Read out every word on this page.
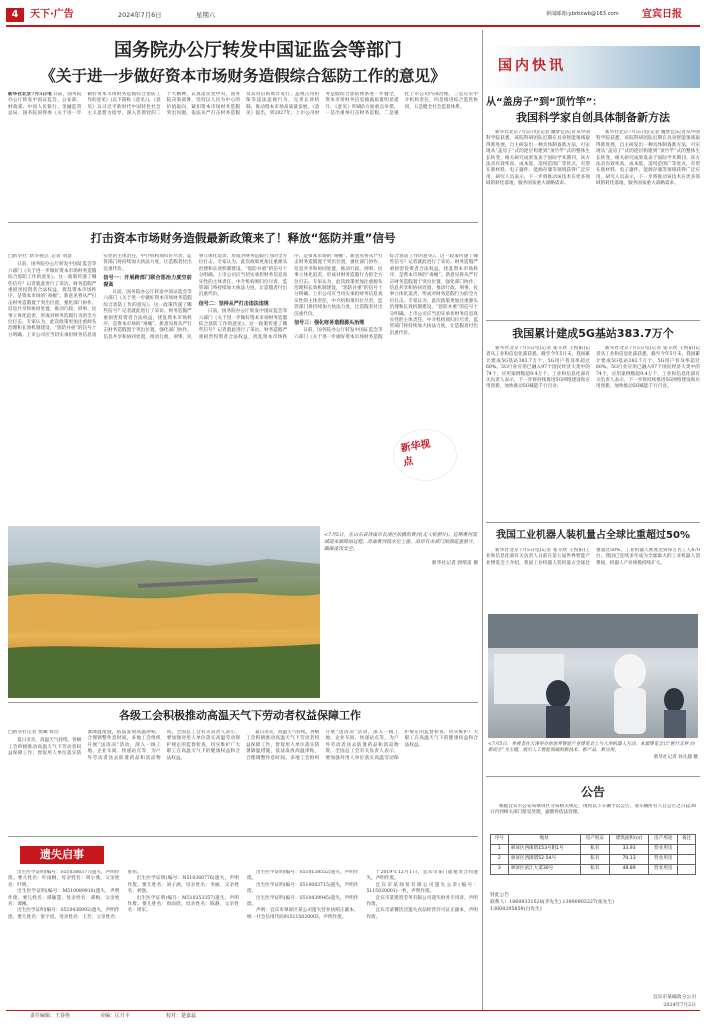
4	天下·广告	2024年7月6日	星期六	新闻邮箱:ybrbxwb@163.com 宜宾日报
国务院办公厅转发中国证监会等部门
《关于进一步做好资本市场财务造假综合惩防工作的意见》
新华社北京7月5日电 日前，国务院办公厅转发中国证监会、公安部、财政部、中国人民银行、金融监管总局、国务院国资委《关于进一步做好资本市场财务造假综合惩防工作的意见》(以下简称《意见》)。《意见》以习近平新时代中国特色社会主义思想为指导，深入贯彻党的二十大精神，认真落实党中央、国务院决策部署，坚持以人民为中心的价值取向，紧扣资本市场财务造假突出问题，依法从严打击财务造假及其背后的欺诈发行、违规占用担保等违法违规行为，完善长效机制，推动资本市场高质量发展。《意见》提出，到2027年，上市公司财务造假综合惩防体系进一步健全，资本市场财务信息披露质量明显提升。《意见》明确5方面重点举措。一是出重拳打击财务造假，二是强化上市公司内部治理，三是压实中介机构责任，四是推进综合监管协同，五是健全社会监督体系。
打击资本市场财务造假最新政策来了！释放“惩防并重”信号
□新华社“新华视点”记者 刘慧
日前，国务院办公厅转发中国证监会等六部门《关于进一步做好资本市场财务造假综合惩防工作的意见》。这一政策传递了哪些信号？记者就此进行了采访。财务造假严重损害投资者合法权益，扰乱资本市场秩序，是资本市场的“毒瘤”。新意见将从严打击财务造假置于突出位置，强化部门协作、信息共享和协同处置，推动行政、刑事、民事立体化追责，形成对财务造假行为的全方位打击。专家认为，此次政策更加注重源头治理和长效机制建设，“惩防并重”的信号十分明确。上市公司应当切实承担财务信息真实性的主体责任，中介机构须归位尽责，监管部门将持续加大执法力度，让造假者付出沉重代价。
信号一：开展跨部门联合惩治力度空前提高
日前，国务院办公厅转发中国证监会等六部门《关于进一步做好资本市场财务造假综合惩防工作的意见》。这一政策传递了哪些信号？记者就此进行了采访。财务造假严重损害投资者合法权益，扰乱资本市场秩序，是资本市场的“毒瘤”。新意见将从严打击财务造假置于突出位置，强化部门协作、信息共享和协同处置，推动行政、刑事、民事立体化追责，形成对财务造假行为的全方位打击。专家认为，此次政策更加注重源头治理和长效机制建设，“惩防并重”的信号十分明确。上市公司应当切实承担财务信息真实性的主体责任，中介机构须归位尽责，监管部门将持续加大执法力度，让造假者付出沉重代价。
信号二：坚持从严打击违法违规
日前，国务院办公厅转发中国证监会等六部门《关于进一步做好资本市场财务造假综合惩防工作的意见》。这一政策传递了哪些信号？记者就此进行了采访。财务造假严重损害投资者合法权益，扰乱资本市场秩序，是资本市场的“毒瘤”。新意见将从严打击财务造假置于突出位置，强化部门协作、信息共享和协同处置，推动行政、刑事、民事立体化追责，形成对财务造假行为的全方位打击。专家认为，此次政策更加注重源头治理和长效机制建设，“惩防并重”的信号十分明确。上市公司应当切实承担财务信息真实性的主体责任，中介机构须归位尽责，监管部门将持续加大执法力度，让造假者付出沉重代价。
信号三：强化财务造假源头治理
日前，国务院办公厅转发中国证监会等六部门《关于进一步做好资本市场财务造假综合惩防工作的意见》。这一政策传递了哪些信号？记者就此进行了采访。财务造假严重损害投资者合法权益，扰乱资本市场秩序，是资本市场的“毒瘤”。新意见将从严打击财务造假置于突出位置，强化部门协作、信息共享和协同处置，推动行政、刑事、民事立体化追责，形成对财务造假行为的全方位打击。专家认为，此次政策更加注重源头治理和长效机制建设，“惩防并重”的信号十分明确。上市公司应当切实承担财务信息真实性的主体责任，中介机构须归位尽责，监管部门将持续加大执法力度，让造假者付出沉重代价。
新华视点
<7月5日，在山东省济南市长清区拍摄的黄河(无人机照片)。近期黄河流域迎来强降雨过程，济南黄河段水位上涨，沿岸有关部门加强巡查值守，确保度汛安全。
新华社记者 郭绪雷 摄
各级工会积极推动高温天气下劳动者权益保障工作
□新华社记者 樊曦 黄浩
夏日炎炎，高温天气持续。各级工会积极推动高温天气下劳动者权益保障工作，督促用人单位落实防暑降温措施，依法发放高温津贴，合理调整作息时间。多地工会组织开展“送清凉”活动，深入一线工地、企业车间、快递站点等，为户外劳动者送去防暑药品和清凉物资。全国总工会有关负责人表示，要加强对用人单位落实高温劳动保护规定的监督检查，切实维护广大职工在高温天气下的健康权益和合法权益。
夏日炎炎，高温天气持续。各级工会积极推动高温天气下劳动者权益保障工作，督促用人单位落实防暑降温措施，依法发放高温津贴，合理调整作息时间。多地工会组织开展“送清凉”活动，深入一线工地、企业车间、快递站点等，为户外劳动者送去防暑药品和清凉物资。全国总工会有关负责人表示，要加强对用人单位落实高温劳动保护规定的监督检查，切实维护广大职工在高温天气下的健康权益和合法权益。
遗失启事
出生医学证明(编号：S510366377)遗失，声明作废。要儿姓名：叶雨桐，母亲姓名：周小燕，父亲姓名：叶明。
出生医学证明(编号：M510089910)遗失，声明作废。要儿姓名：谭颖慧，母亲姓名：谭梅，父亲姓名：谭刚。
出生医学证明(编号：S510436992)遗失，声明作废。要儿姓名：张宇宸，母亲姓名：王芳，父亲姓名：张伟。
出生医学证明(编号：N510360776)遗失，声明作废。要儿姓名：刘子涵，母亲姓名：李丽，父亲姓名：刘强。
出生医学证明(编号：M510253357)遗失，声明作废。要儿姓名：周雨欣，母亲姓名：陈静，父亲姓名：周军。
出生医学证明(编号：S510138552)遗失，声明作废。
出生医学证明(编号：S510003715)遗失，声明作废。
出生医学证明(编号：S510439945)遗失，声明作废。
声明：宜宾市翠屏区某公司遗失营业执照正副本，统一社会信用代码915115020003，声明作废。
于2019年12月1日，宜宾市某门面租赁合同遗失，声明作废。
宜宾市某商贸有限公司遗失公章(编号：5115020001)一枚，声明作废。
宜宾市某建筑劳务有限公司遗失财务专用章，声明作废。
宜宾市某餐饮店遗失食品经营许可证正副本，声明作废。
国内快讯
从“盖房子”到“顶竹竿”：
我国科学家自创具体制备新方法
新华社北京7月5日电(记者 魏梦佳)记者从中国科学院获悉，该院科研团队近期在具身智能领域取得新进展，自主研发出一种具体制备新方法，可实现从“盖房子”式的逐层构建到“顶竹竿”式的整体生长转变，相关研究成果发表于国际学术期刊。该方法具有效率高、成本低、适用范围广等优点，有望在新材料、电子器件、能源存储等领域获得广泛应用。研究人员表示，下一步将推动该技术在更多领域的转化落地，服务国家重大战略需求。
新华社北京7月5日电(记者 魏梦佳)记者从中国科学院获悉，该院科研团队近期在具身智能领域取得新进展，自主研发出一种具体制备新方法，可实现从“盖房子”式的逐层构建到“顶竹竿”式的整体生长转变，相关研究成果发表于国际学术期刊。该方法具有效率高、成本低、适用范围广等优点，有望在新材料、电子器件、能源存储等领域获得广泛应用。研究人员表示，下一步将推动该技术在更多领域的转化落地，服务国家重大战略需求。
我国累计建成5G基站383.7万个
新华社北京7月5日电(记者 张辛欣 王悦阳)记者从工业和信息化部获悉，截至今年5月末，我国累计建成5G基站383.7万个，5G用户普及率超过60%。5G行业应用已融入97个国民经济大类中的74个，应用案例数超9.4万个。工业和信息化部有关负责人表示，下一步将持续推进5G网络建设和应用创新，加快推动5G赋能千行百业。
新华社北京7月5日电(记者 张辛欣 王悦阳)记者从工业和信息化部获悉，截至今年5月末，我国累计建成5G基站383.7万个，5G用户普及率超过60%。5G行业应用已融入97个国民经济大类中的74个，应用案例数超9.4万个。工业和信息化部有关负责人表示，下一步将持续推进5G网络建设和应用创新，加快推动5G赋能千行百业。
我国工业机器人装机量占全球比重超过50%
新华社北京7月5日电(记者 张辛欣 王悦阳)工业和信息化部有关负责人日前在第七届世界智能产业博览会上介绍，我国工业机器人装机量占全球比重超过50%，工业机器人密度达到每万名工人470台。我国已连续多年成为全球最大的工业机器人消费国，机器人产业规模持续扩大。
<7月5日，参观者在天津举办的世界智能产业博览会上与人形机器人互动。本届博览会以“智行无界 向新而生”为主题，展示人工智能领域的新技术、新产品、新应用。
新华社记者 孙凡越 摄
公告
根据宜宾市公安局翠屏区分局相关规定，现将以下车辆予以公告，请车辆所有人自公告之日起30日内到相关部门接受处理，逾期将依法处理。
序号	地址	房产权证	建筑面积(㎡)	房产用途	备注
1	翠屏区西街塔153号附1号	私有	33.93	营业用房	
2	翠屏区西街塔52-54号	私有	70.13	营业用房	
3	翠屏区滨江大道30号	私有	48.89	营业用房	
特此公告
联系人：18608331528(李先生) 13990903227(张先生)
13608295858(白先生)
宜宾市某邮政分公司
2024年7月2日
责任编辑：王春艳	美编：匡升平	校对：楚嘉蕊
